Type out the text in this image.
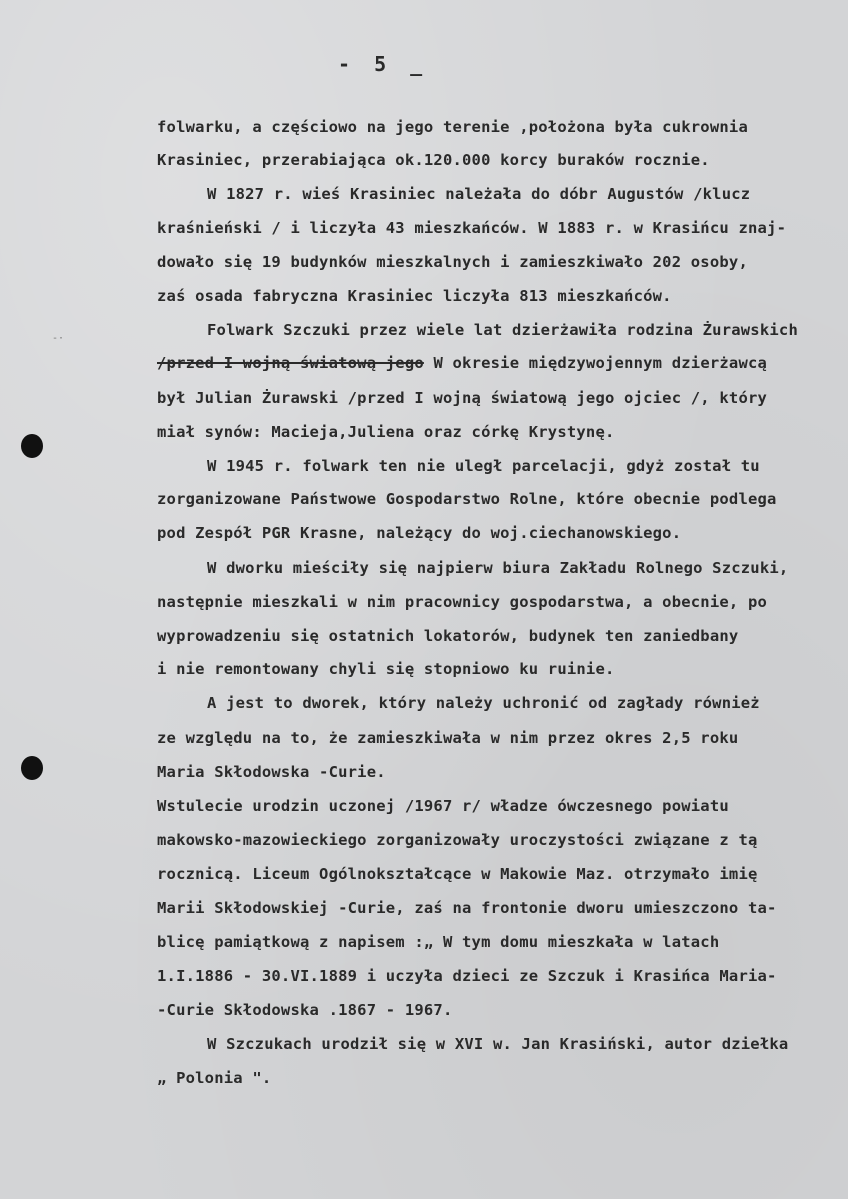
-·
- 5 _
folwarku, a częściowo na jego terenie ,położona była cukrownia
Krasiniec, przerabiająca ok.120.000 korcy buraków rocznie.
W 1827 r. wieś Krasiniec należała do dóbr Augustów /klucz
kraśnieński / i liczyła 43 mieszkańców. W 1883 r. w Krasińcu znaj-
dowało się 19 budynków mieszkalnych i zamieszkiwało 202 osoby,
zaś osada fabryczna Krasiniec liczyła 813 mieszkańców.
Folwark Szczuki przez wiele lat dzierżawiła rodzina Żurawskich
/przed I wojną światową jego W okresie międzywojennym dzierżawcą
był Julian Żurawski /przed I wojną światową jego ojciec /, który
miał synów: Macieja,Juliena oraz córkę Krystynę.
W 1945 r. folwark ten nie uległ parcelacji, gdyż został tu
zorganizowane Państwowe Gospodarstwo Rolne, które obecnie podlega
pod Zespół PGR Krasne, należący do woj.ciechanowskiego.
W dworku mieściły się najpierw biura Zakładu Rolnego Szczuki,
następnie mieszkali w nim pracownicy gospodarstwa, a obecnie, po
wyprowadzeniu się ostatnich lokatorów, budynek ten zaniedbany
i nie remontowany chyli się stopniowo ku ruinie.
A jest to dworek, który należy uchronić od zagłady również
ze względu na to, że zamieszkiwała w nim przez okres 2,5 roku
Maria Skłodowska -Curie.
Wstulecie urodzin uczonej /1967 r/ władze ówczesnego powiatu
makowsko-mazowieckiego zorganizowały uroczystości związane z tą
rocznicą. Liceum Ogólnokształcące w Makowie Maz. otrzymało imię
Marii Skłodowskiej -Curie, zaś na frontonie dworu umieszczono ta-
blicę pamiątkową z napisem :„ W tym domu mieszkała w latach
1.I.1886 - 30.VI.1889 i uczyła dzieci ze Szczuk i Krasińca Maria-
-Curie Skłodowska .1867 - 1967.
W Szczukach urodził się w XVI w. Jan Krasiński, autor dziełka
„ Polonia ".
